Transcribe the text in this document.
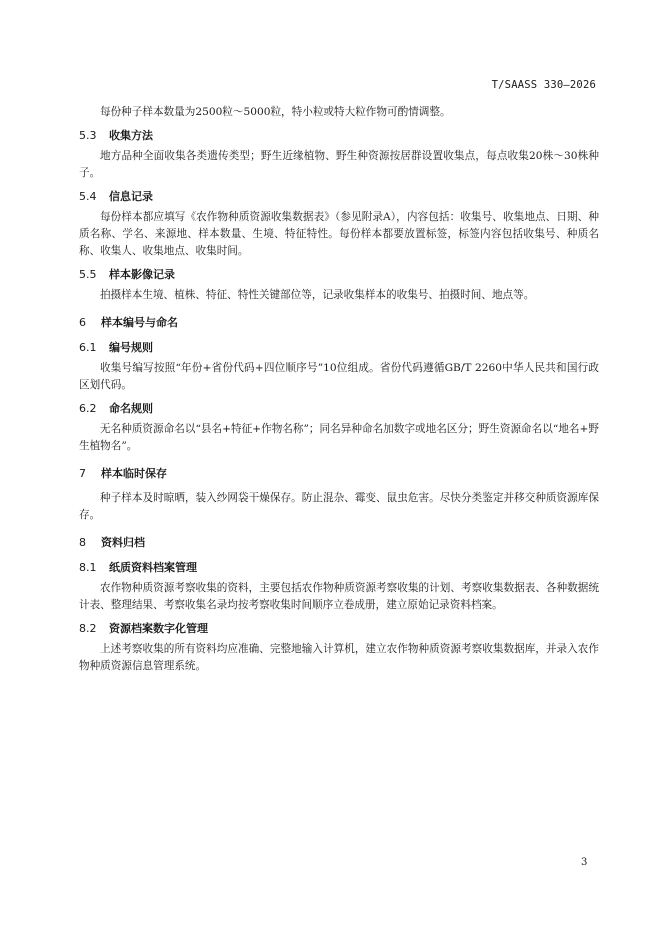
T/SAASS 330—2026

每份种子样本数量为2500粒～5000粒，特小粒或特大粒作物可酌情调整。

5.3 收集方法

地方品种全面收集各类遗传类型；野生近缘植物、野生种资源按居群设置收集点，每点收集20株～30株种子。

5.4 信息记录

每份样本都应填写《农作物种质资源收集数据表》（参见附录A），内容包括：收集号、收集地点、日期、种质名称、学名、来源地、样本数量、生境、特征特性。每份样本都要放置标签，标签内容包括收集号、种质名称、收集人、收集地点、收集时间。

5.5 样本影像记录

拍摄样本生境、植株、特征、特性关键部位等，记录收集样本的收集号、拍摄时间、地点等。

6 样本编号与命名
6.1 编号规则

收集号编写按照“年份+省份代码+四位顺序号”10位组成。省份代码遵循GB/T 2260中华人民共和国行政区划代码。

6.2 命名规则

无名种质资源命名以“县名+特征+作物名称”；同名异种命名加数字或地名区分；野生资源命名以“地名+野生植物名”。

7 样本临时保存

种子样本及时晾晒，装入纱网袋干燥保存。防止混杂、霉变、鼠虫危害。尽快分类鉴定并移交种质资源库保存。

8 资料归档
8.1 纸质资料档案管理

农作物种质资源考察收集的资料，主要包括农作物种质资源考察收集的计划、考察收集数据表、各种数据统计表、整理结果、考察收集名录均按考察收集时间顺序立卷成册，建立原始记录资料档案。

8.2 资源档案数字化管理

上述考察收集的所有资料均应准确、完整地输入计算机，建立农作物种质资源考察收集数据库，并录入农作物种质资源信息管理系统。

3
